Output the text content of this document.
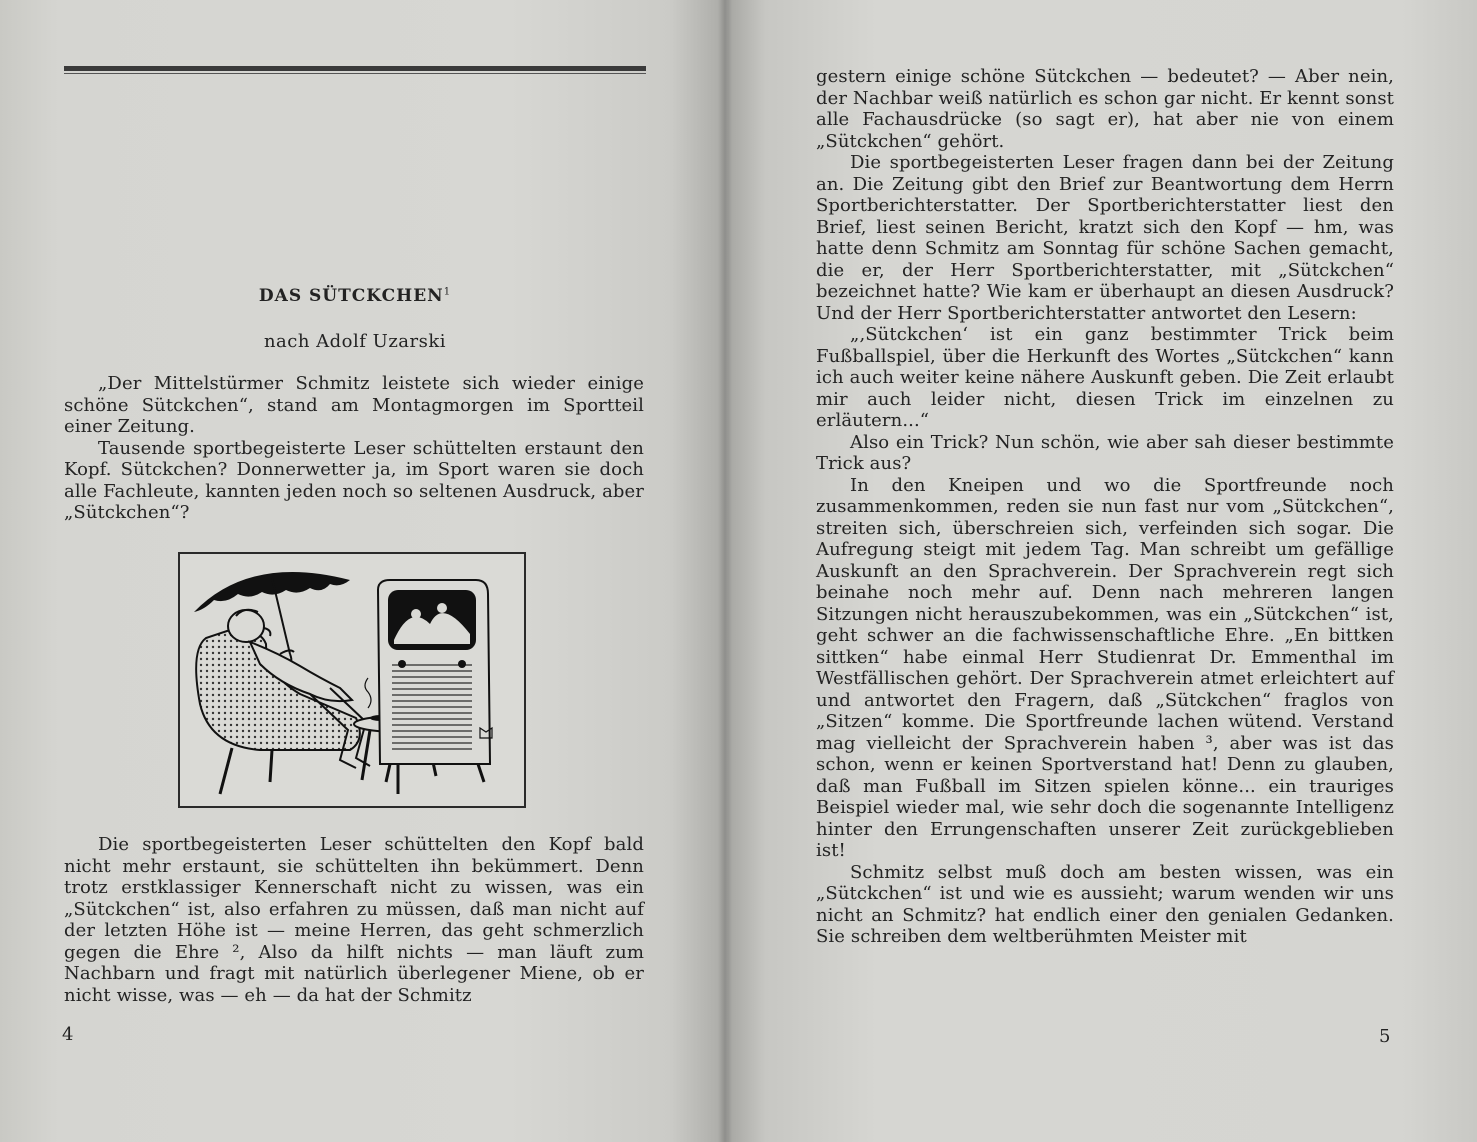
DAS SÜTCKCHEN$^1$
nach Adolf Uzarski

„Der Mittelstürmer Schmitz leistete sich wieder einige schöne Sütckchen“, stand am Montagmorgen im Sportteil einer Zeitung.

Tausende sportbegeisterte Leser schüttelten erstaunt den Kopf. Sütckchen? Donnerwetter ja, im Sport waren sie doch alle Fachleute, kannten jeden noch so seltenen Ausdruck, aber „Sütckchen“?

Die sportbegeisterten Leser schüttelten den Kopf bald nicht mehr erstaunt, sie schüttelten ihn bekümmert. Denn trotz erstklassiger Kennerschaft nicht zu wissen, was ein „Sütckchen“ ist, also erfahren zu müssen, daß man nicht auf der letzten Höhe ist — meine Herren, das geht schmerzlich gegen die Ehre ², Also da hilft nichts — man läuft zum Nachbarn und fragt mit natürlich überlegener Miene, ob er nicht wisse, was — eh — da hat der Schmitz

4

gestern einige schöne Sütckchen — bedeutet? — Aber nein, der Nachbar weiß natürlich es schon gar nicht. Er kennt sonst alle Fachausdrücke (so sagt er), hat aber nie von einem „Sütckchen“ gehört.

Die sportbegeisterten Leser fragen dann bei der Zeitung an. Die Zeitung gibt den Brief zur Beantwortung dem Herrn Sportberichterstatter. Der Sportberichterstatter liest den Brief, liest seinen Bericht, kratzt sich den Kopf — hm, was hatte denn Schmitz am Sonntag für schöne Sachen gemacht, die er, der Herr Sportberichterstatter, mit „Sütckchen“ bezeichnet hatte? Wie kam er überhaupt an diesen Ausdruck? Und der Herr Sportberichterstatter antwortet den Lesern:

„‚Sütckchen‘ ist ein ganz bestimmter Trick beim Fußballspiel, über die Herkunft des Wortes „Sütckchen“ kann ich auch weiter keine nähere Auskunft geben. Die Zeit erlaubt mir auch leider nicht, diesen Trick im einzelnen zu erläutern...“

Also ein Trick? Nun schön, wie aber sah dieser bestimmte Trick aus?

In den Kneipen und wo die Sportfreunde noch zusammenkommen, reden sie nun fast nur vom „Sütckchen“, streiten sich, überschreien sich, verfeinden sich sogar. Die Aufregung steigt mit jedem Tag. Man schreibt um gefällige Auskunft an den Sprachverein. Der Sprachverein regt sich beinahe noch mehr auf. Denn nach mehreren langen Sitzungen nicht herauszubekommen, was ein „Sütckchen“ ist, geht schwer an die fachwissenschaftliche Ehre. „En bittken sittken“ habe einmal Herr Studienrat Dr. Emmenthal im Westfällischen gehört. Der Sprachverein atmet erleichtert auf und antwortet den Fragern, daß „Sütckchen“ fraglos von „Sitzen“ komme. Die Sportfreunde lachen wütend. Verstand mag vielleicht der Sprachverein haben ³, aber was ist das schon, wenn er keinen Sportverstand hat! Denn zu glauben, daß man Fußball im Sitzen spielen könne... ein trauriges Beispiel wieder mal, wie sehr doch die sogenannte Intelligenz hinter den Errungenschaften unserer Zeit zurückgeblieben ist!

Schmitz selbst muß doch am besten wissen, was ein „Sütckchen“ ist und wie es aussieht; warum wenden wir uns nicht an Schmitz? hat endlich einer den genialen Gedanken. Sie schreiben dem weltberühmten Meister mit

5
